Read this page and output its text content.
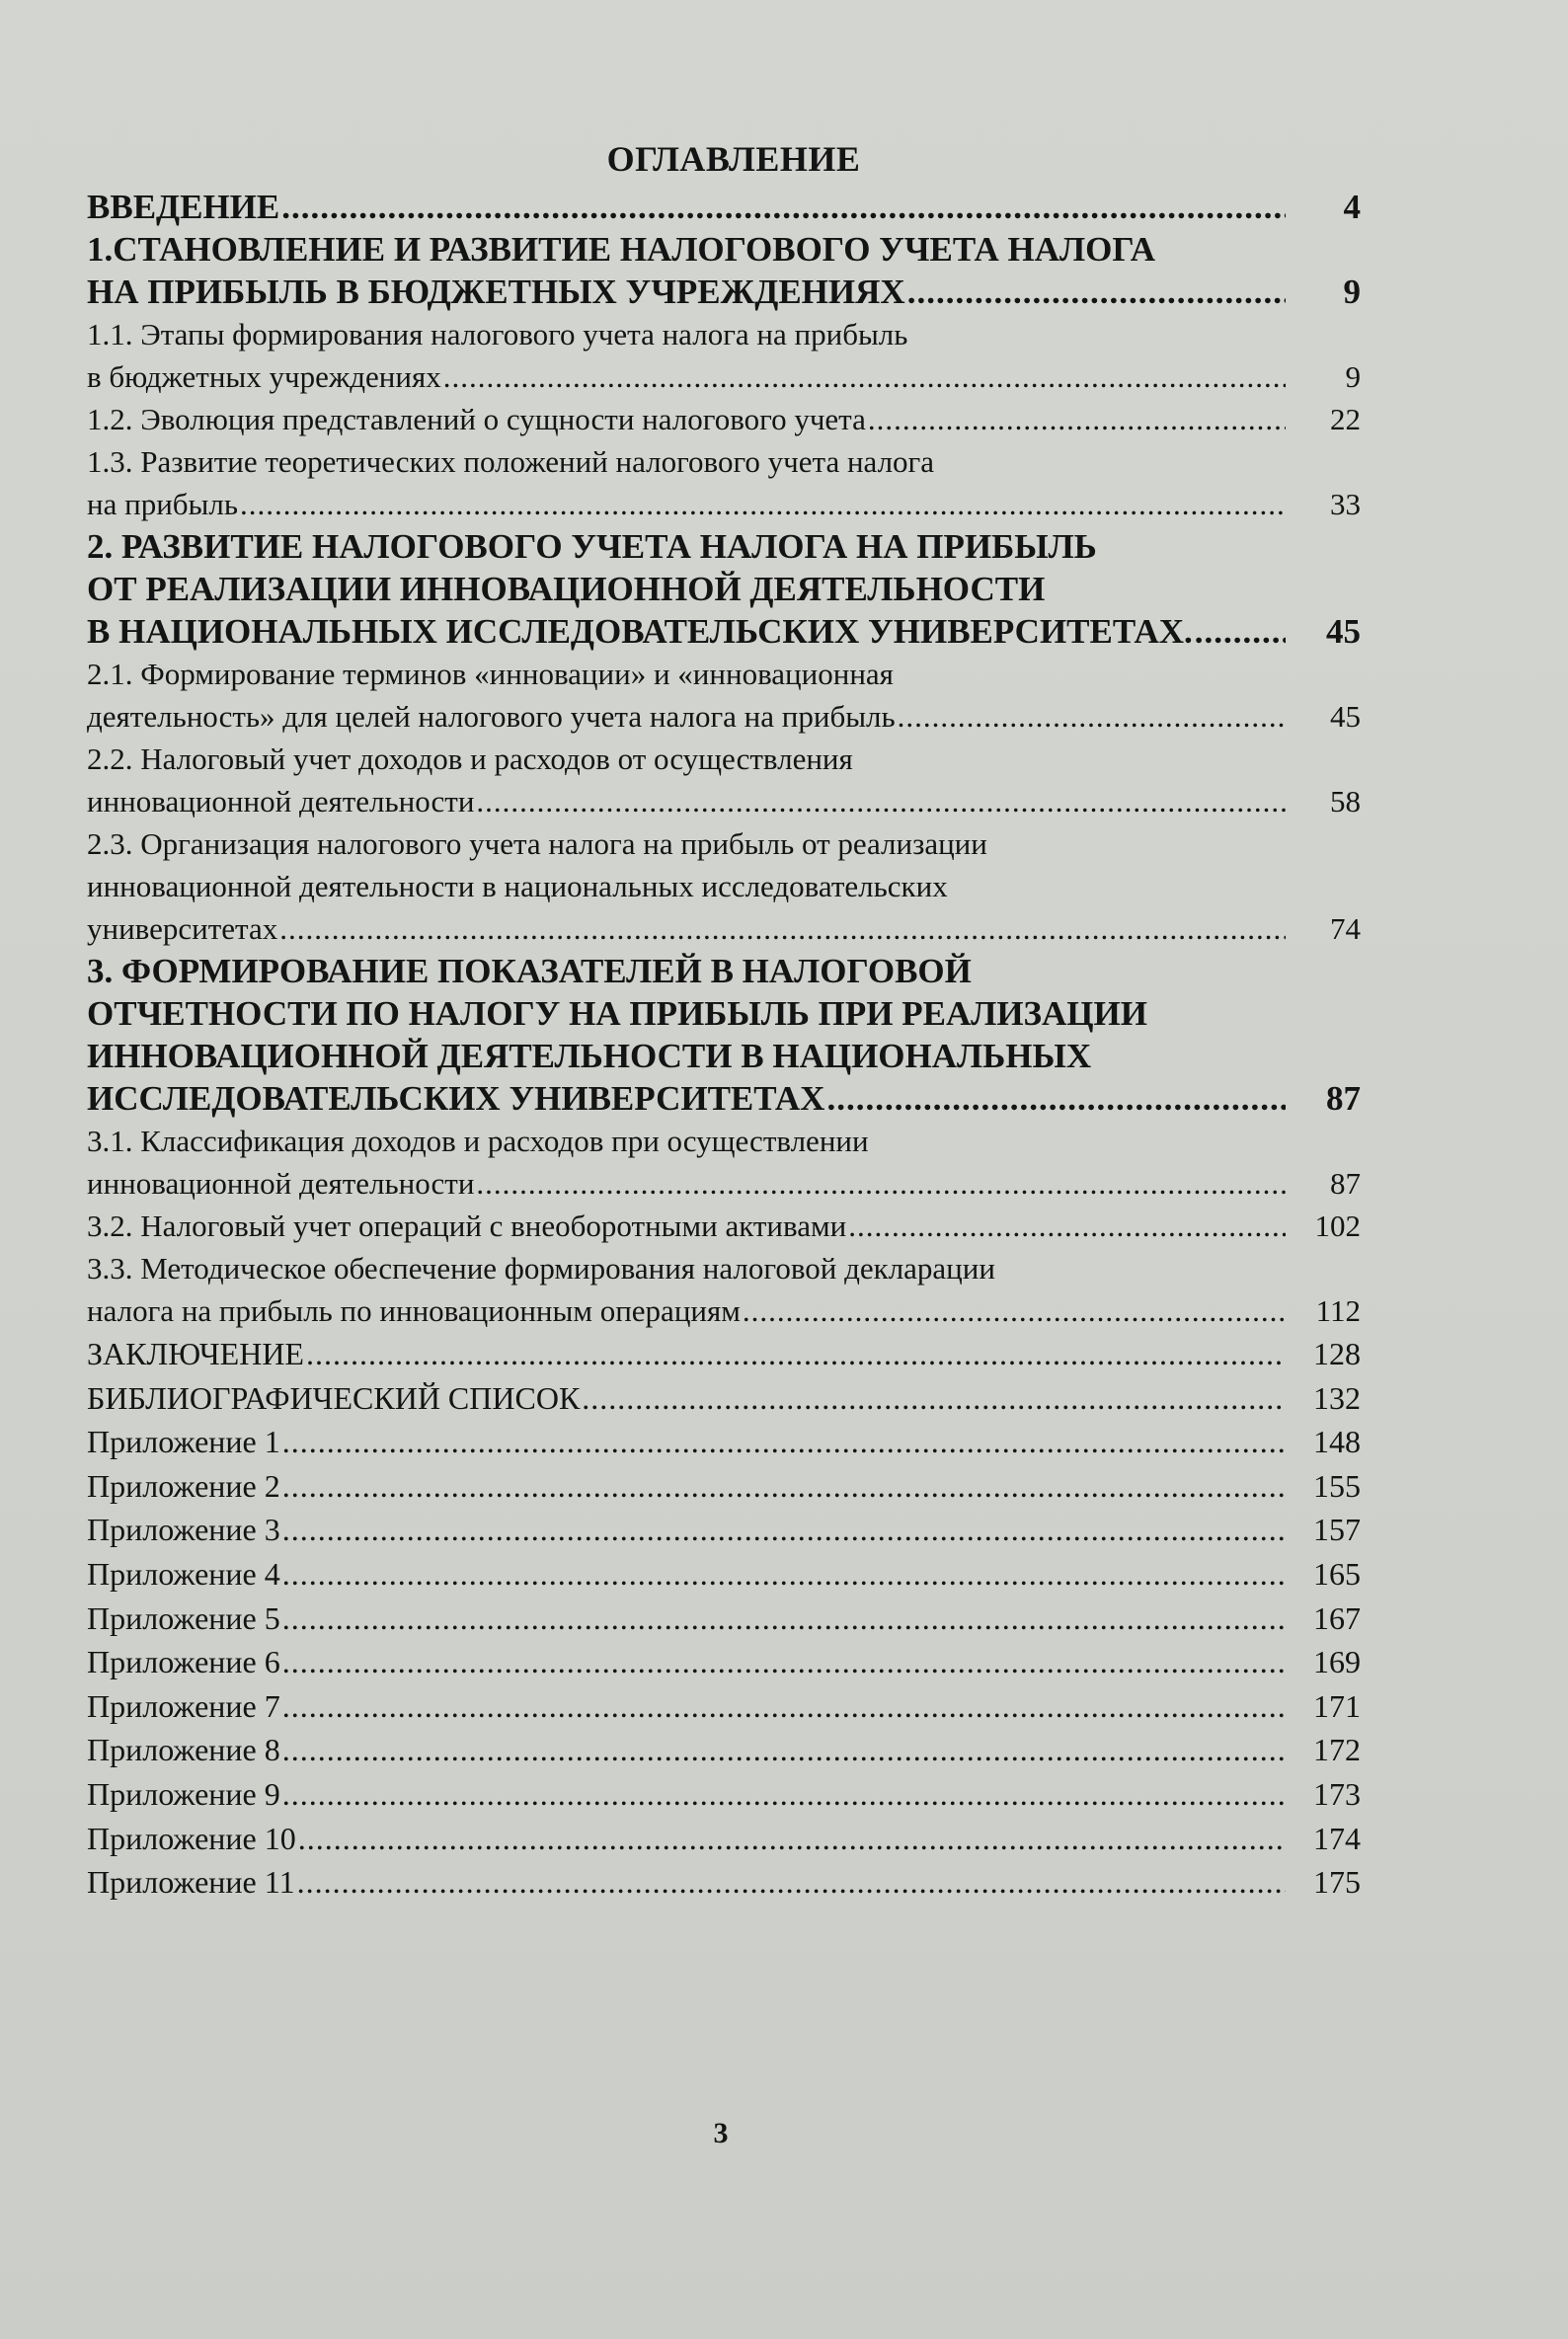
ОГЛАВЛЕНИЕ
ВВЕДЕНИЕ .....	4
1.СТАНОВЛЕНИЕ И РАЗВИТИЕ НАЛОГОВОГО УЧЕТА НАЛОГА
НА ПРИБЫЛЬ В БЮДЖЕТНЫХ УЧРЕЖДЕНИЯХ .....	9
1.1. Этапы формирования налогового учета налога на прибыль
в бюджетных учреждениях .....	9
1.2. Эволюция представлений о сущности налогового учета .....	22
1.3. Развитие теоретических положений налогового учета налога
на прибыль .....	33
2. РАЗВИТИЕ НАЛОГОВОГО УЧЕТА НАЛОГА НА ПРИБЫЛЬ
ОТ РЕАЛИЗАЦИИ ИННОВАЦИОННОЙ ДЕЯТЕЛЬНОСТИ
В НАЦИОНАЛЬНЫХ ИССЛЕДОВАТЕЛЬСКИХ УНИВЕРСИТЕТАХ. .....	45
2.1. Формирование терминов «инновации» и «инновационная
деятельность» для целей налогового учета налога на прибыль .....	45
2.2. Налоговый учет доходов и расходов от осуществления
инновационной деятельности .....	58
2.3. Организация налогового учета налога на прибыль от реализации
инновационной деятельности в национальных исследовательских
университетах .....	74
3. ФОРМИРОВАНИЕ ПОКАЗАТЕЛЕЙ В НАЛОГОВОЙ
ОТЧЕТНОСТИ ПО НАЛОГУ НА ПРИБЫЛЬ ПРИ РЕАЛИЗАЦИИ
ИННОВАЦИОННОЙ ДЕЯТЕЛЬНОСТИ В НАЦИОНАЛЬНЫХ
ИССЛЕДОВАТЕЛЬСКИХ УНИВЕРСИТЕТАХ .....	87
3.1. Классификация доходов и расходов при осуществлении
инновационной деятельности .....	87
3.2. Налоговый учет операций с внеоборотными активами .....	102
3.3. Методическое обеспечение формирования налоговой декларации
налога на прибыль по инновационным операциям .....	112
ЗАКЛЮЧЕНИЕ .....	128
БИБЛИОГРАФИЧЕСКИЙ СПИСОК .....	132
Приложение 1 .....	148
Приложение 2 .....	155
Приложение 3 .....	157
Приложение 4 .....	165
Приложение 5 .....	167
Приложение 6 .....	169
Приложение 7 .....	171
Приложение 8 .....	172
Приложение 9 .....	173
Приложение 10 .....	174
Приложение 11 .....	175
3
